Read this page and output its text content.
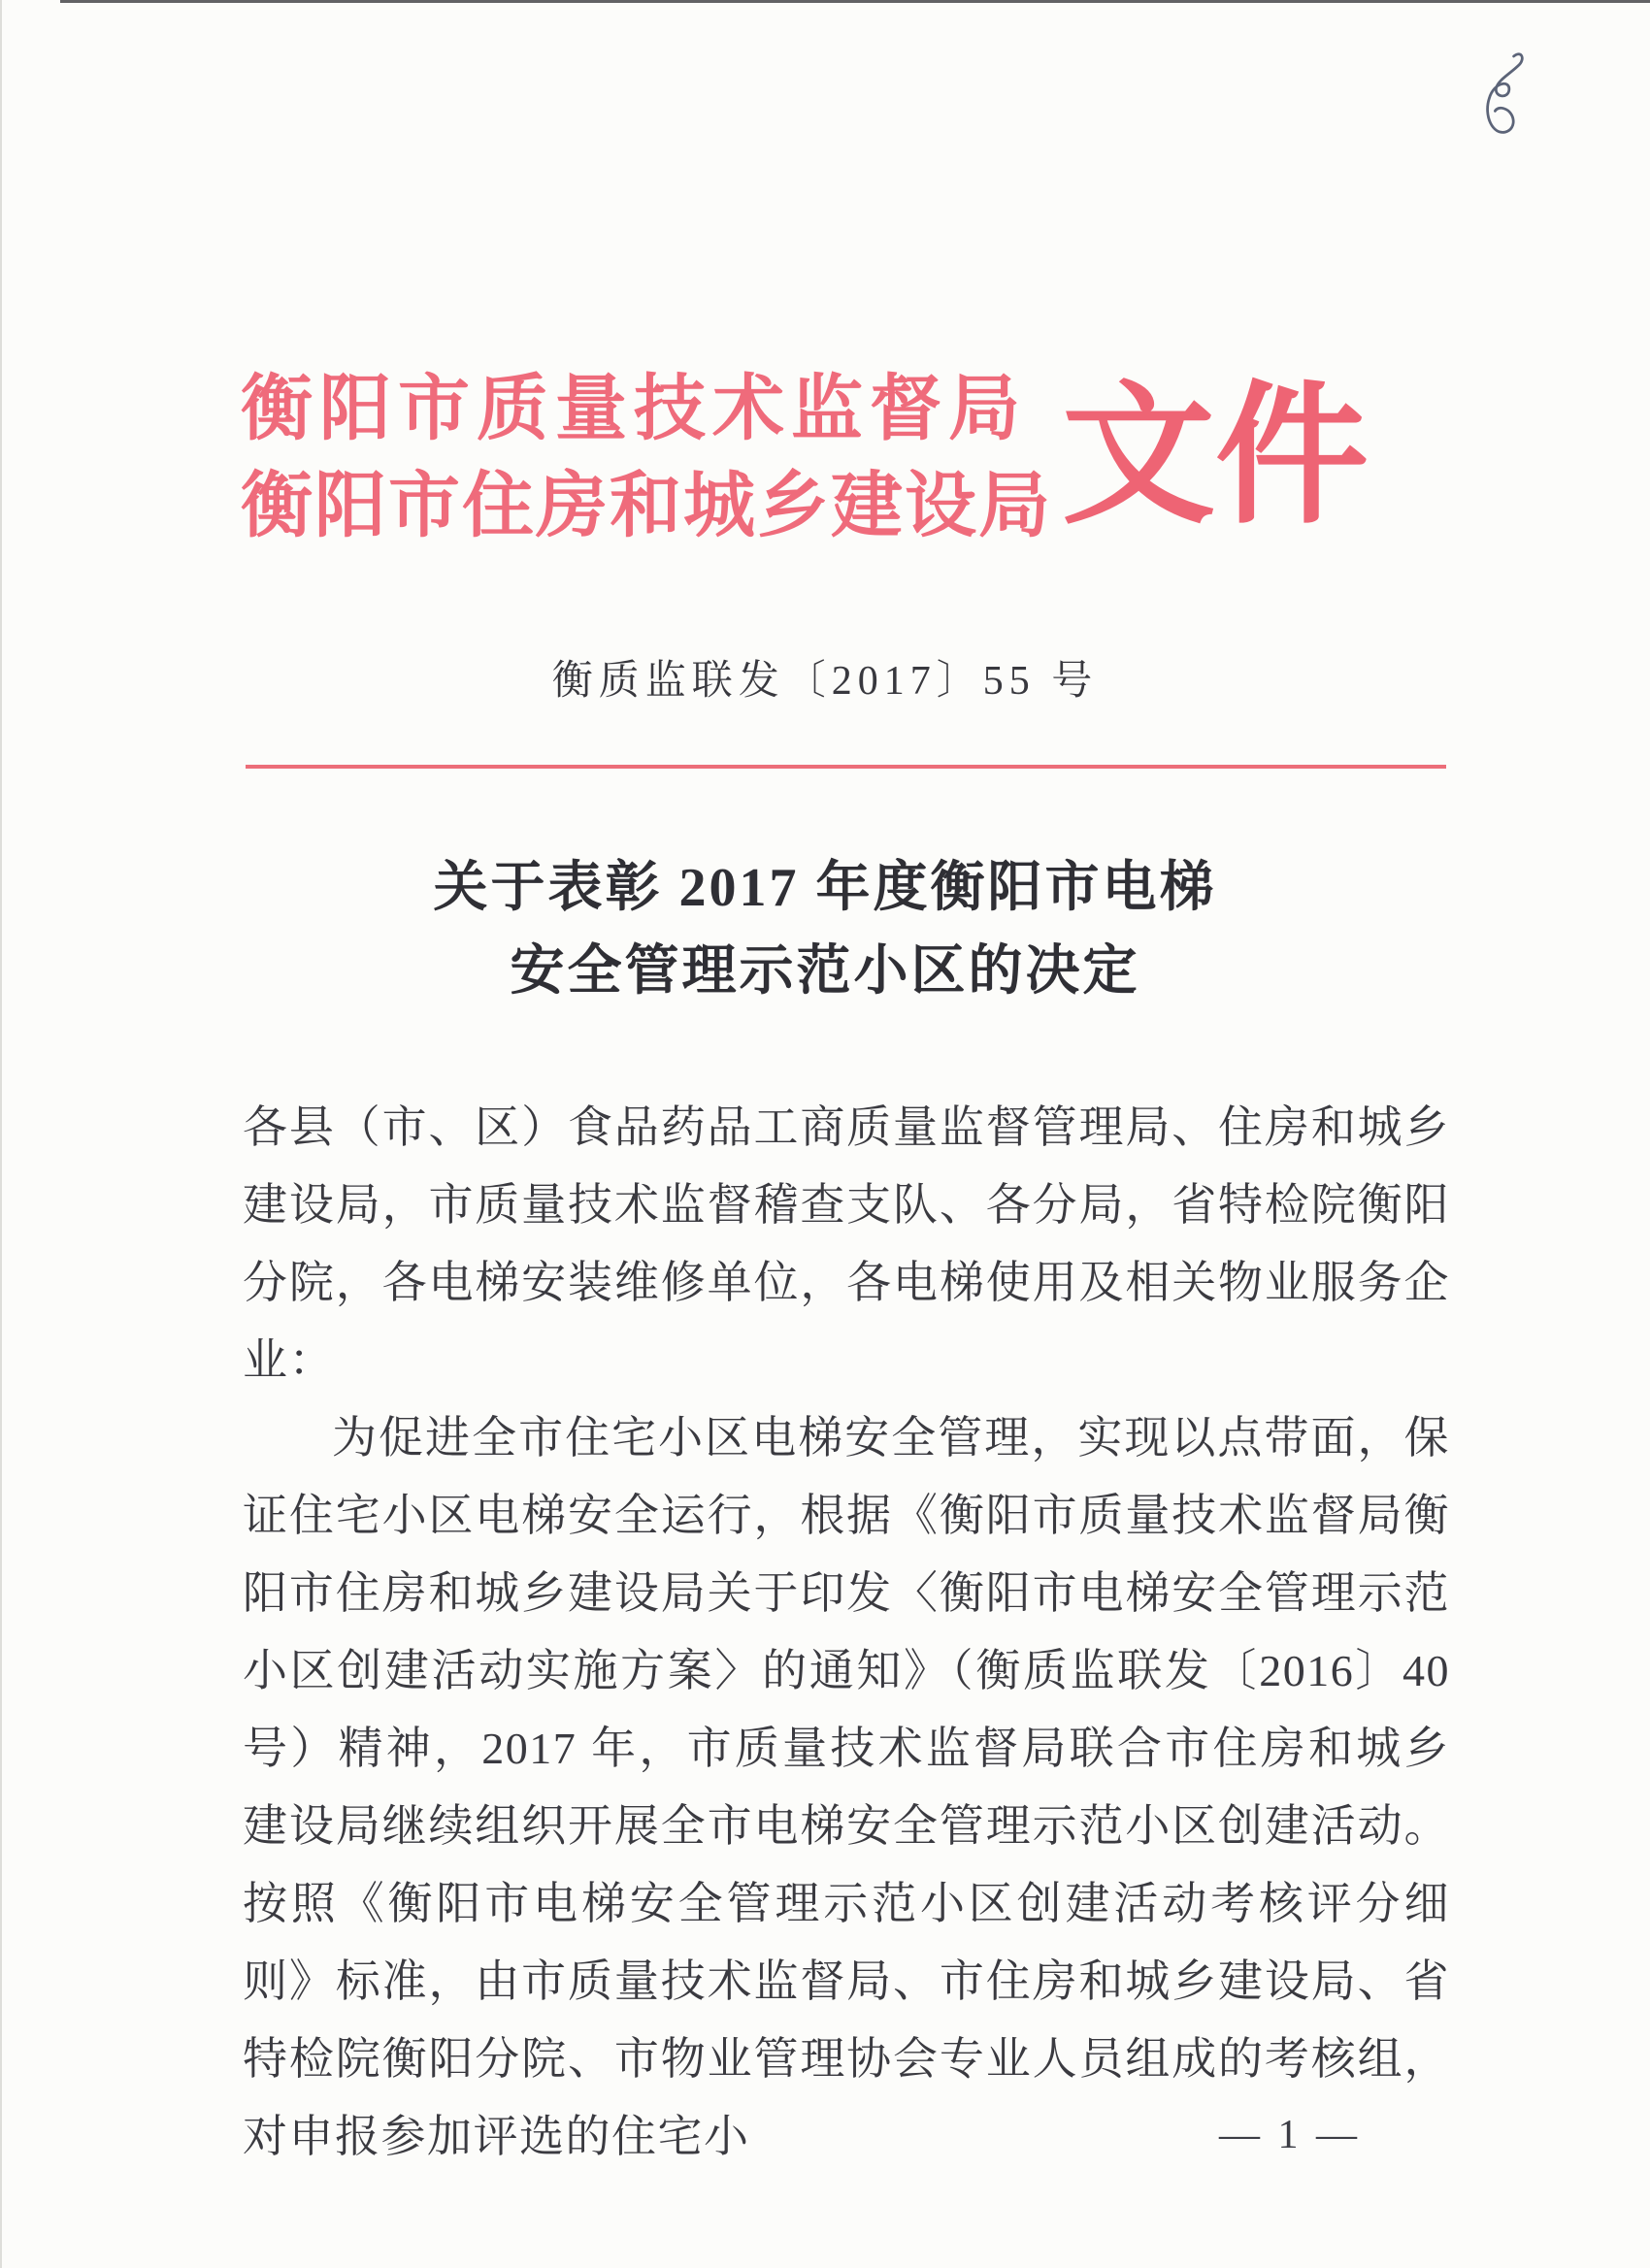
衡阳市质量技术监督局
衡阳市住房和城乡建设局 文件
衡质监联发〔2017〕55 号
关于表彰 2017 年度衡阳市电梯
安全管理示范小区的决定

各县（市、区）食品药品工商质量监督管理局、住房和城乡建设局，市质量技术监督稽查支队、各分局，省特检院衡阳分院，各电梯安装维修单位，各电梯使用及相关物业服务企业：

为促进全市住宅小区电梯安全管理，实现以点带面，保证住宅小区电梯安全运行，根据《衡阳市质量技术监督局衡阳市住房和城乡建设局关于印发〈衡阳市电梯安全管理示范小区创建活动实施方案〉的通知》（衡质监联发〔2016〕40 号）精神，2017 年，市质量技术监督局联合市住房和城乡建设局继续组织开展全市电梯安全管理示范小区创建活动。按照《衡阳市电梯安全管理示范小区创建活动考核评分细则》标准，由市质量技术监督局、市住房和城乡建设局、省特检院衡阳分院、市物业管理协会专业人员组成的考核组，对申报参加评选的住宅小	— 1 —
